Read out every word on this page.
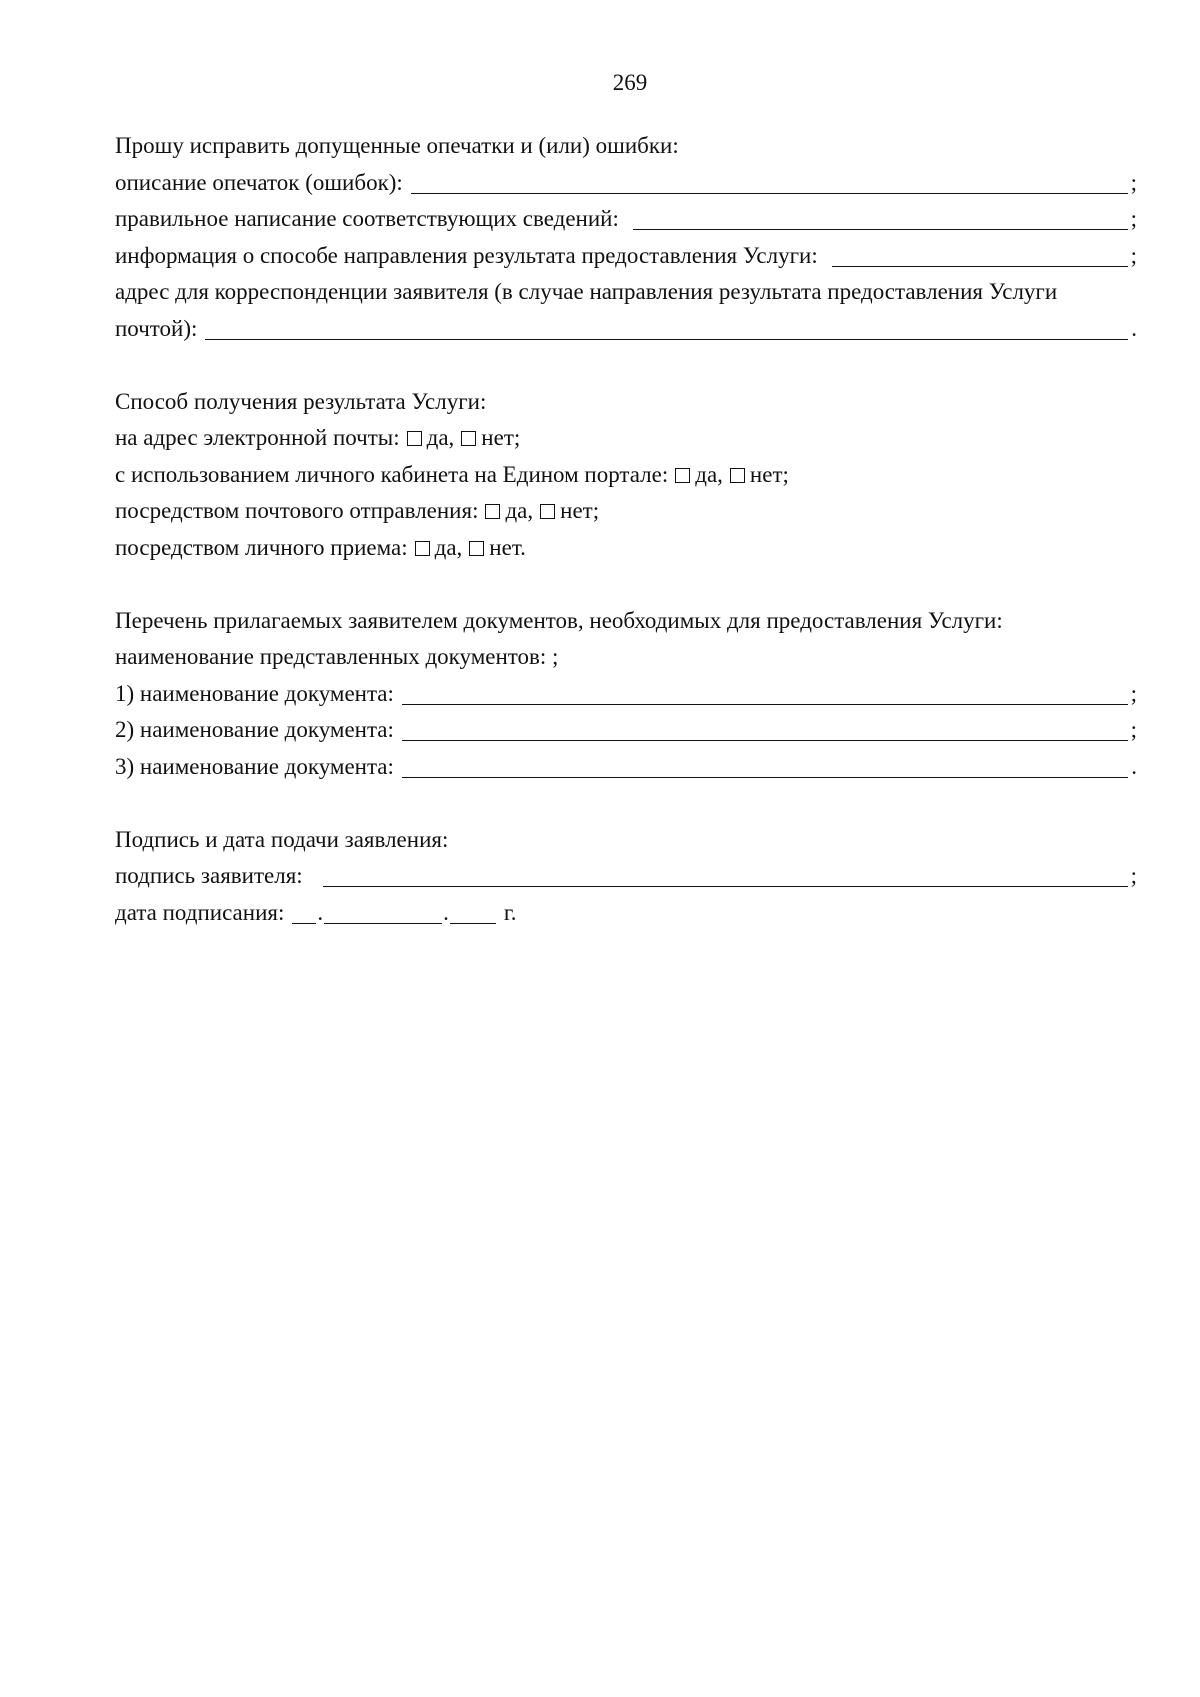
269
Прошу исправить допущенные опечатки и (или) ошибки:
описание опечаток (ошибок):	;
правильное написание соответствующих сведений:	;
информация о способе направления результата предоставления Услуги:	;
адрес для корреспонденции заявителя (в случае направления результата предоставления Услуги
почтой):	.
Способ получения результата Услуги:
на адрес электронной почты: да, нет;
с использованием личного кабинета на Едином портале: да, нет;
посредством почтового отправления: да, нет;
посредством личного приема: да, нет.
Перечень прилагаемых заявителем документов, необходимых для предоставления Услуги:
наименование представленных документов: ;
1) наименование документа:	;
2) наименование документа:	;
3) наименование документа:	.
Подпись и дата подачи заявления:
подпись заявителя:	;
дата подписания: .	. г.
